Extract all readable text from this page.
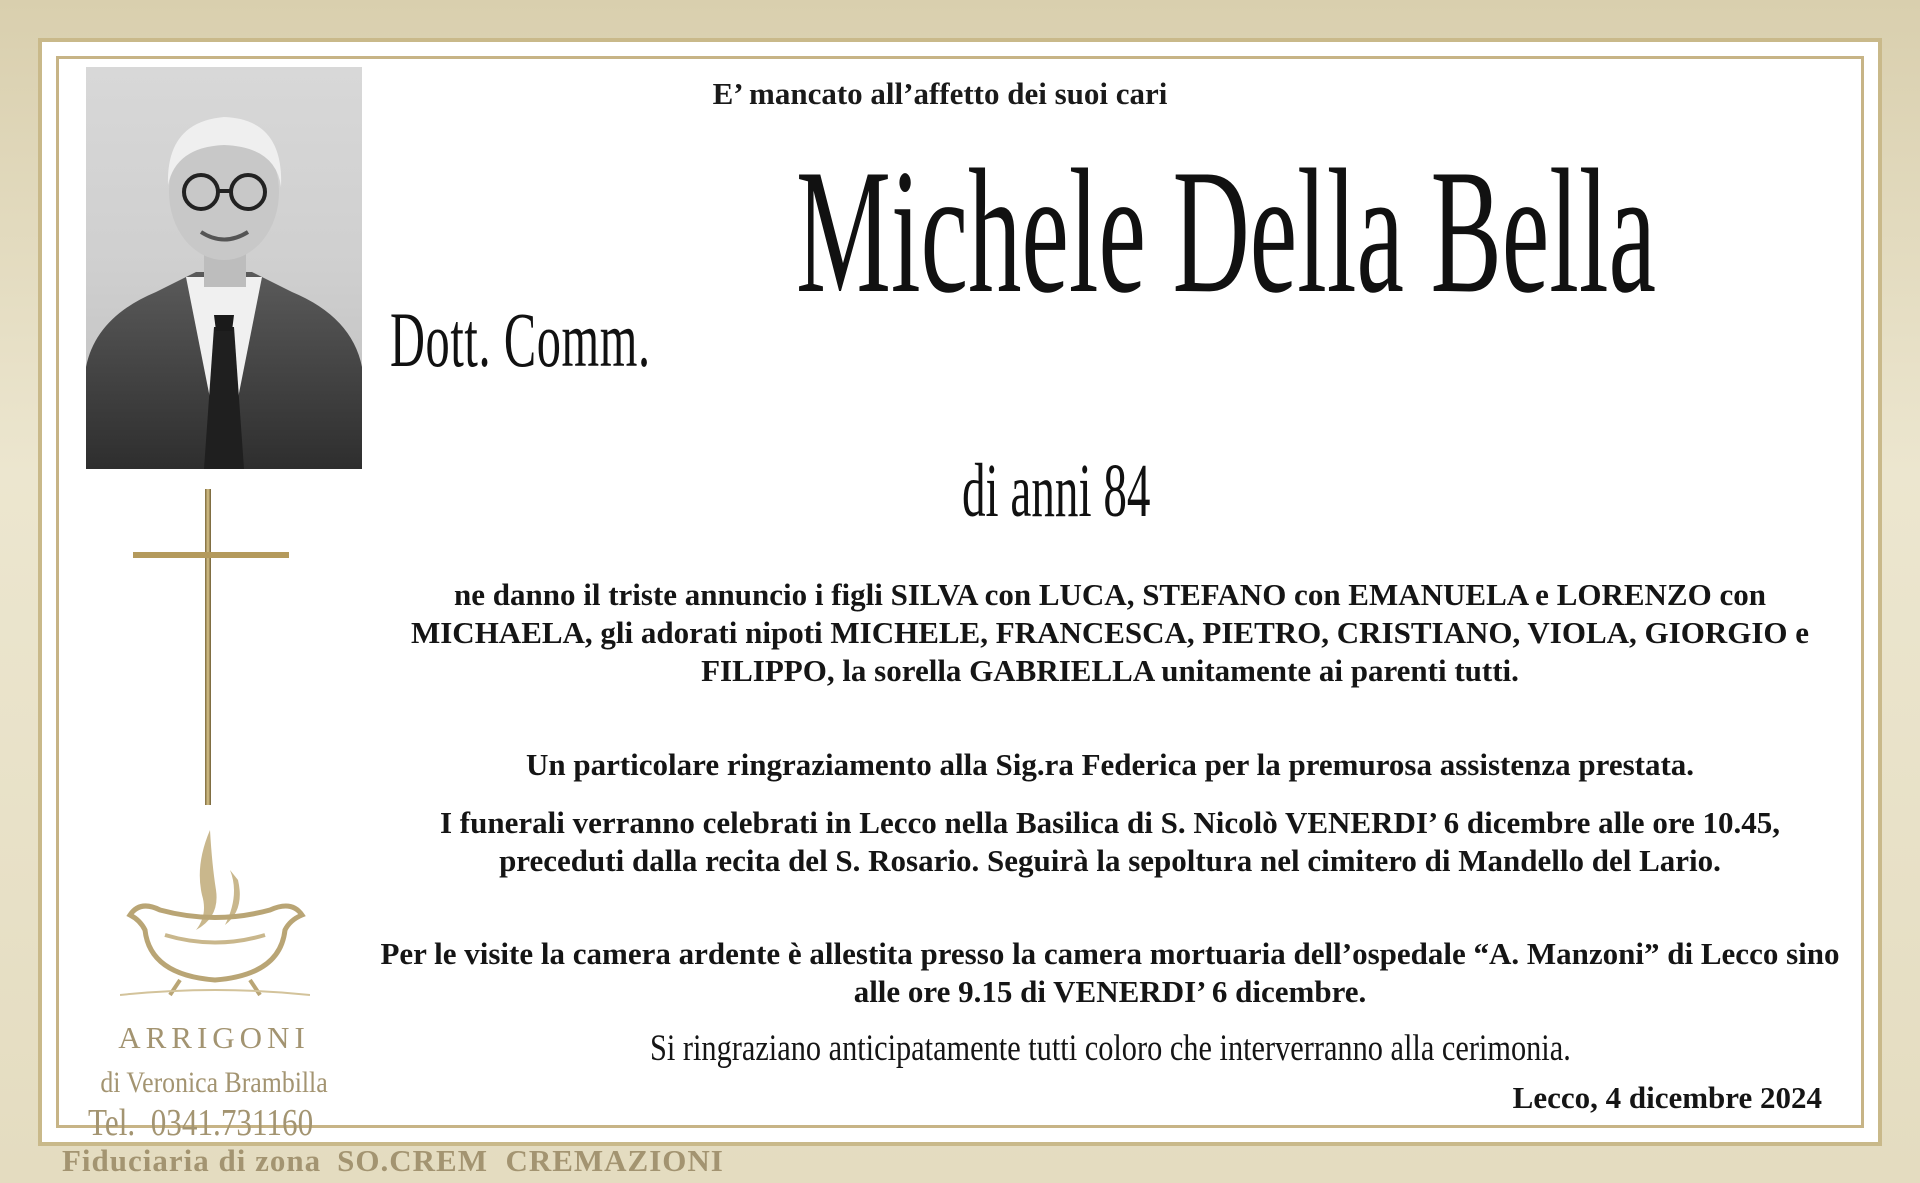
E’ mancato all’affetto dei suoi cari

Dott. Comm.

Michele Della Bella

di anni 84

ne danno il triste annuncio i figli SILVA con LUCA, STEFANO con EMANUELA e LORENZO con MICHAELA, gli adorati nipoti MICHELE, FRANCESCA, PIETRO, CRISTIANO, VIOLA, GIORGIO e FILIPPO, la sorella GABRIELLA unitamente ai parenti tutti.

Un particolare ringraziamento alla Sig.ra Federica per la premurosa assistenza prestata.

I funerali verranno celebrati in Lecco nella Basilica di S. Nicolò VENERDI’ 6 dicembre alle ore 10.45, preceduti dalla recita del S. Rosario. Seguirà la sepoltura nel cimitero di Mandello del Lario.

Per le visite la camera ardente è allestita presso la camera mortuaria dell’ospedale “A. Manzoni” di Lecco sino alle ore 9.15 di VENERDI’ 6 dicembre.

Si ringraziano anticipatamente tutti coloro che interverranno alla cerimonia.

Lecco, 4 dicembre 2024

ARRIGONI

di Veronica Brambilla

Tel.  0341.731160

Fiduciaria di zona SO.CREM  CREMAZIONI
